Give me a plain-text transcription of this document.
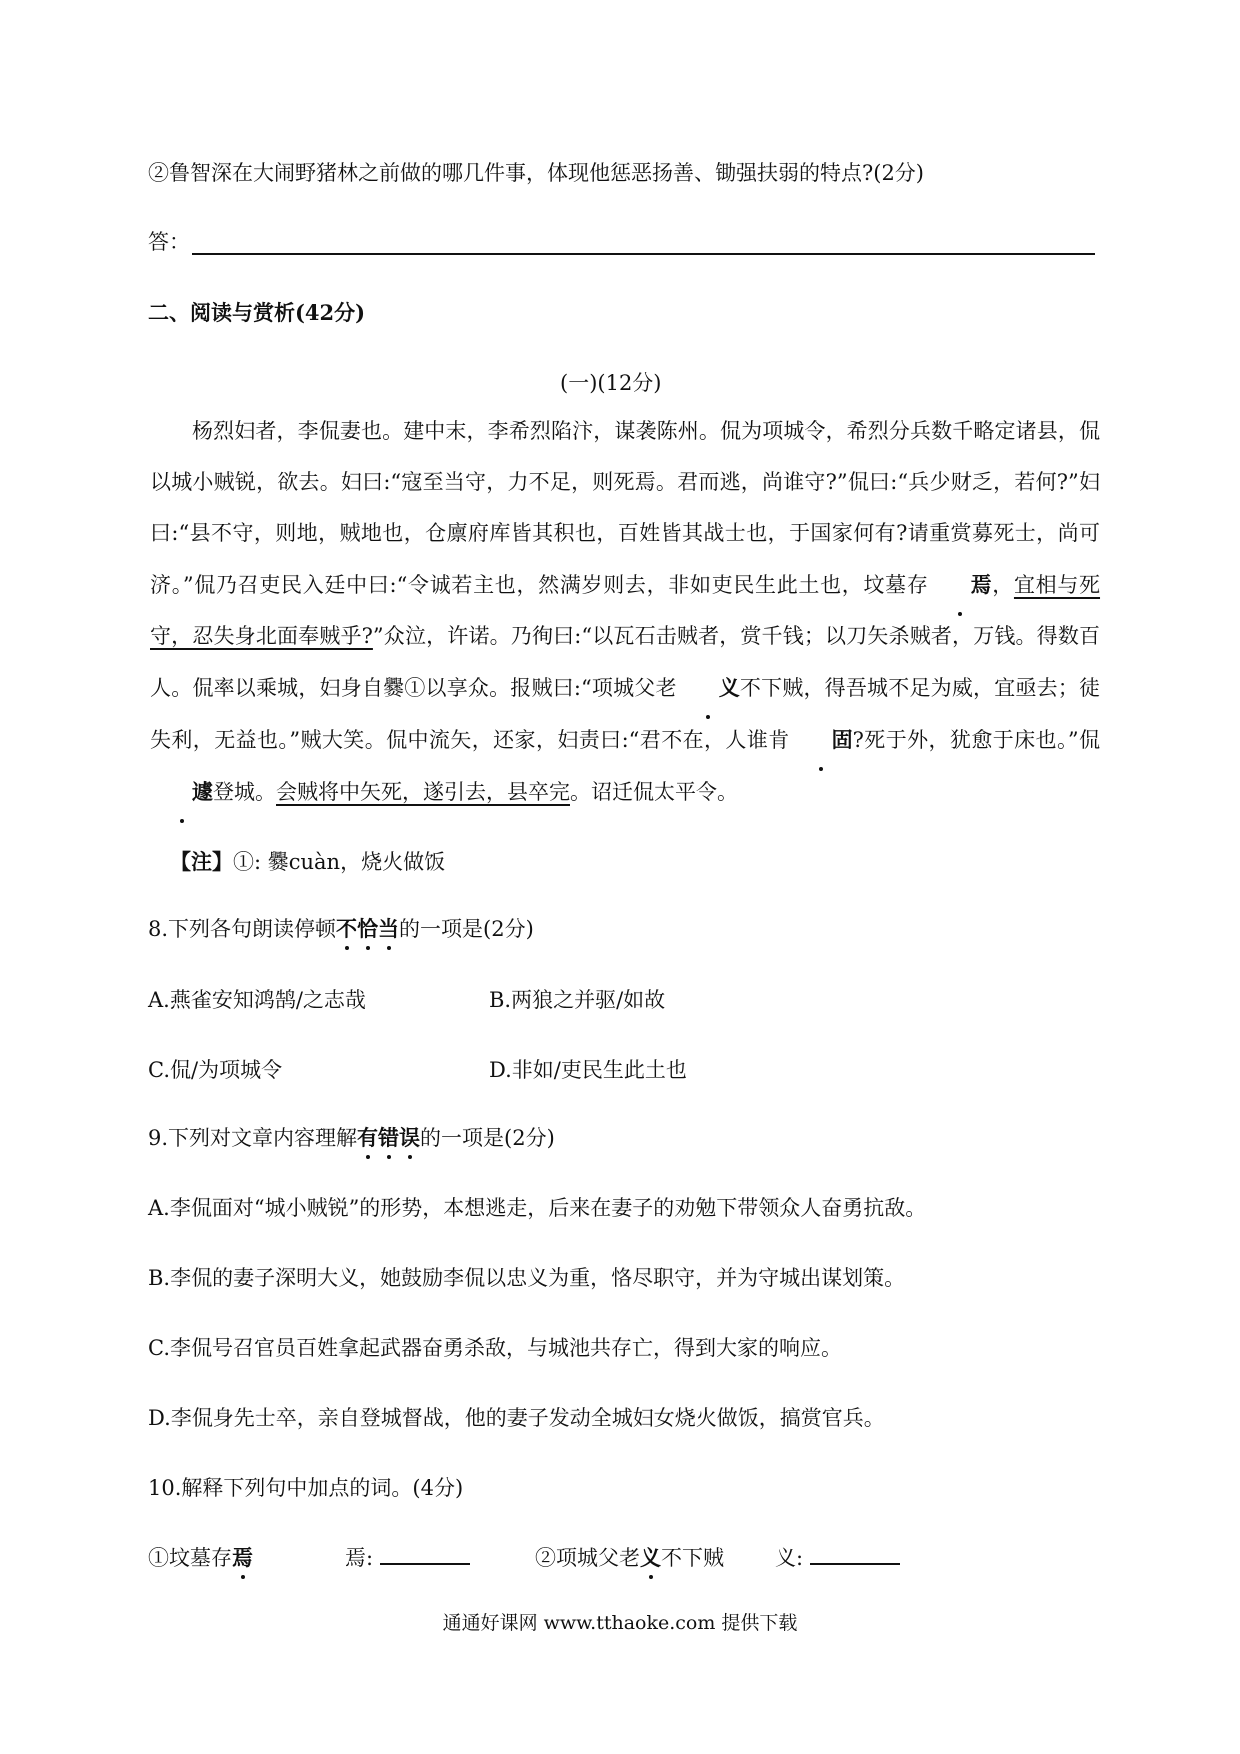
②鲁智深在大闹野猪林之前做的哪几件事，体现他惩恶扬善、锄强扶弱的特点?(2分)
答：
二、阅读与赏析(42分)
(一)(12分)
杨烈妇者，李侃妻也。建中末，李希烈陷汴，谋袭陈州。侃为项城令，希烈分兵数千略定诸县，侃以城小贼锐，欲去。妇曰:“寇至当守，力不足，则死焉。君而逃，尚谁守?”侃曰:“兵少财乏，若何?”妇曰:“县不守，则地，贼地也，仓廪府库皆其积也，百姓皆其战士也，于国家何有?请重赏募死士，尚可济。”侃乃召吏民入廷中曰:“令诚若主也，然满岁则去，非如吏民生此土也，坟墓存 焉，宜相与死守，忍失身北面奉贼乎?”众泣，许诺。乃徇曰:“以瓦石击贼者，赏千钱；以刀矢杀贼者，万钱。得数百人。侃率以乘城，妇身自爨①以享众。报贼曰:“项城父老 义不下贼，得吾城不足为威，宜亟去；徒失利，无益也。”贼大笑。侃中流矢，还家，妇责曰:“君不在，人谁肯 固?死于外，犹愈于床也。”侃遽登城。会贼将中矢死，遂引去，县卒完。诏迁侃太平令。
【注】①: 爨cuàn，烧火做饭
8.下列各句朗读停顿不恰当的一项是(2分)
A.燕雀安知鸿鹄/之志哉	B.两狼之并驱/如故
C.侃/为项城令	D.非如/吏民生此土也
9.下列对文章内容理解有错误的一项是(2分)
A.李侃面对“城小贼锐”的形势，本想逃走，后来在妻子的劝勉下带领众人奋勇抗敌。
B.李侃的妻子深明大义，她鼓励李侃以忠义为重，恪尽职守，并为守城出谋划策。
C.李侃号召官员百姓拿起武器奋勇杀敌，与城池共存亡，得到大家的响应。
D.李侃身先士卒，亲自登城督战，他的妻子发动全城妇女烧火做饭，搞赏官兵。
10.解释下列句中加点的词。(4分)
①坟墓存焉	焉:	②项城父老义不下贼 义:
通通好课网 www.tthaoke.com 提供下载
